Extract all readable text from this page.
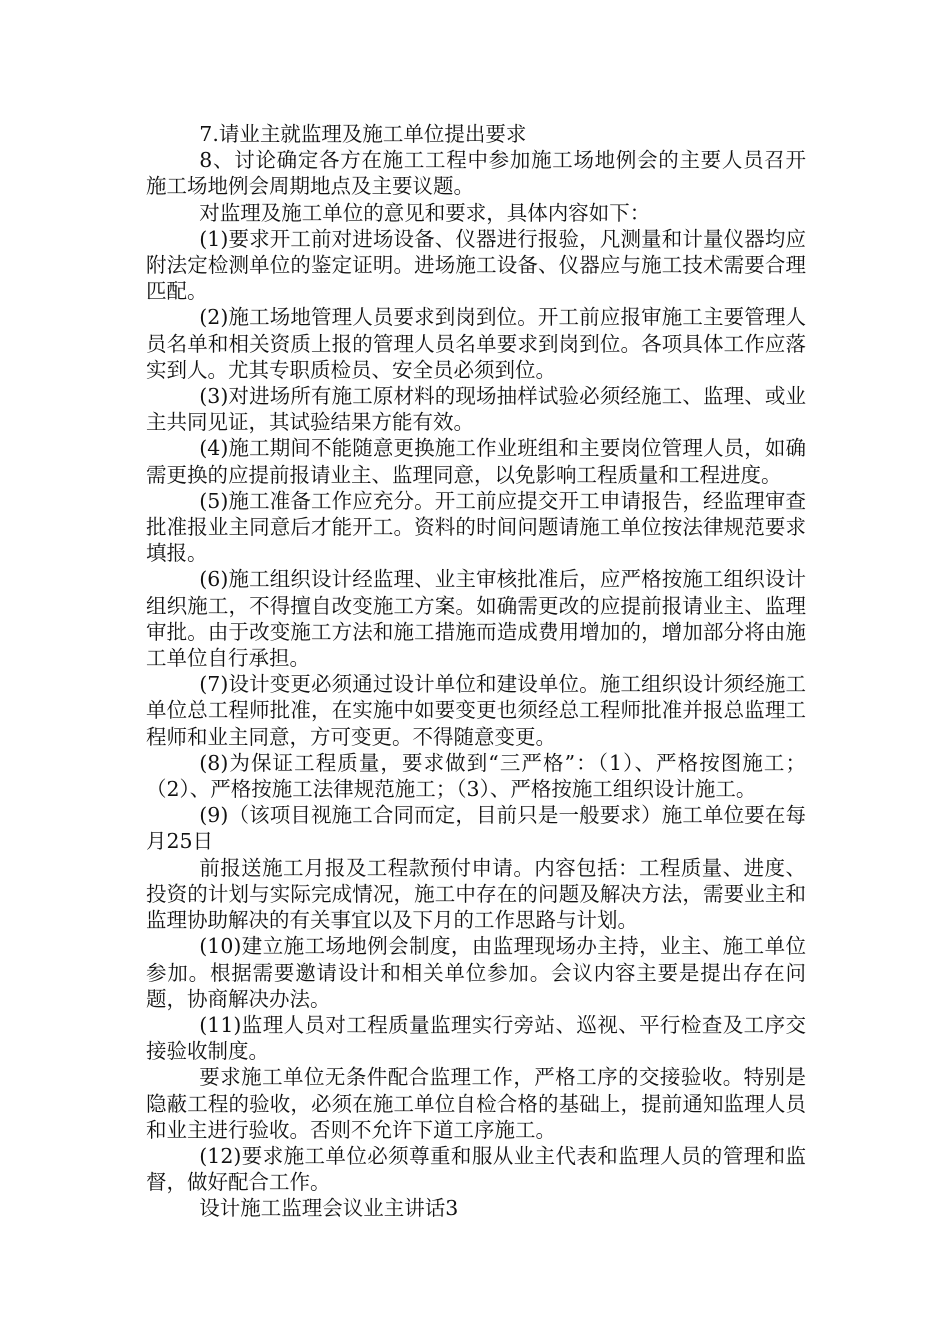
7.请业主就监理及施工单位提出要求

8、讨论确定各方在施工工程中参加施工场地例会的主要人员召开施工场地例会周期地点及主要议题。

对监理及施工单位的意见和要求，具体内容如下：

(1)要求开工前对进场设备、仪器进行报验，凡测量和计量仪器均应附法定检测单位的鉴定证明。进场施工设备、仪器应与施工技术需要合理匹配。

(2)施工场地管理人员要求到岗到位。开工前应报审施工主要管理人员名单和相关资质上报的管理人员名单要求到岗到位。各项具体工作应落实到人。尤其专职质检员、安全员必须到位。

(3)对进场所有施工原材料的现场抽样试验必须经施工、监理、或业主共同见证，其试验结果方能有效。

(4)施工期间不能随意更换施工作业班组和主要岗位管理人员，如确需更换的应提前报请业主、监理同意，以免影响工程质量和工程进度。

(5)施工准备工作应充分。开工前应提交开工申请报告，经监理审查批准报业主同意后才能开工。资料的时间问题请施工单位按法律规范要求填报。

(6)施工组织设计经监理、业主审核批准后，应严格按施工组织设计组织施工，不得擅自改变施工方案。如确需更改的应提前报请业主、监理审批。由于改变施工方法和施工措施而造成费用增加的，增加部分将由施工单位自行承担。

(7)设计变更必须通过设计单位和建设单位。施工组织设计须经施工单位总工程师批准，在实施中如要变更也须经总工程师批准并报总监理工程师和业主同意，方可变更。不得随意变更。

(8)为保证工程质量，要求做到“三严格”：（1）、严格按图施工；（2）、严格按施工法律规范施工；（3）、严格按施工组织设计施工。

(9)（该项目视施工合同而定，目前只是一般要求）施工单位要在每月25日

前报送施工月报及工程款预付申请。内容包括：工程质量、进度、投资的计划与实际完成情况，施工中存在的问题及解决方法，需要业主和监理协助解决的有关事宜以及下月的工作思路与计划。

(10)建立施工场地例会制度，由监理现场办主持，业主、施工单位参加。根据需要邀请设计和相关单位参加。会议内容主要是提出存在问题，协商解决办法。

(11)监理人员对工程质量监理实行旁站、巡视、平行检查及工序交接验收制度。

要求施工单位无条件配合监理工作，严格工序的交接验收。特别是隐蔽工程的验收，必须在施工单位自检合格的基础上，提前通知监理人员和业主进行验收。否则不允许下道工序施工。

(12)要求施工单位必须尊重和服从业主代表和监理人员的管理和监督，做好配合工作。

设计施工监理会议业主讲话3
